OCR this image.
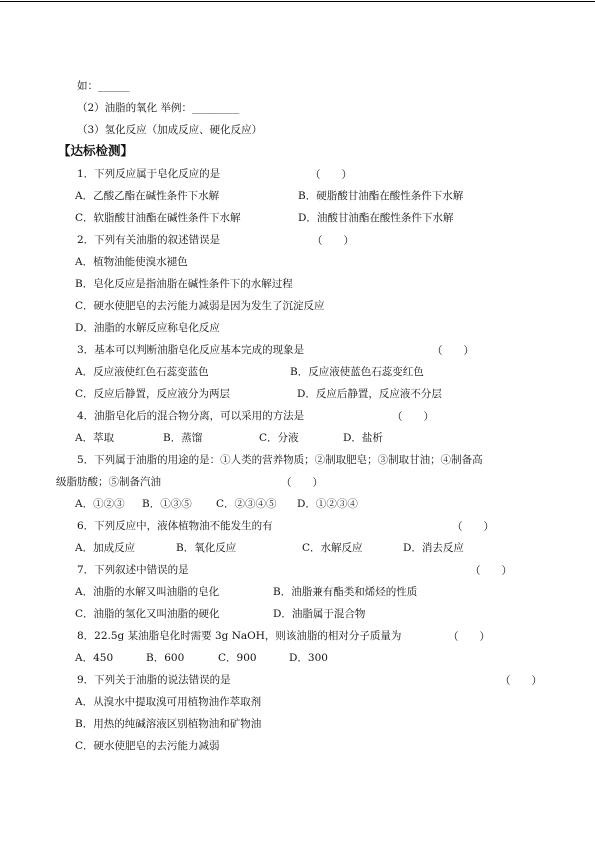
如：______
（2）油脂的氧化 举例：_________
（3）氢化反应（加成反应、硬化反应）
【达标检测】
1．下列反应属于皂化反应的是	（　　）
A．乙酸乙酯在碱性条件下水解	B．硬脂酸甘油酯在酸性条件下水解
C．软脂酸甘油酯在碱性条件下水解	D．油酸甘油酯在酸性条件下水解
2．下列有关油脂的叙述错误是	（　　）
A．植物油能使溴水褪色
B．皂化反应是指油脂在碱性条件下的水解过程
C．硬水使肥皂的去污能力减弱是因为发生了沉淀反应
D．油脂的水解反应称皂化反应
3．基本可以判断油脂皂化反应基本完成的现象是	（　　）
A．反应液使红色石蕊变蓝色	B．反应液使蓝色石蕊变红色
C．反应后静置，反应液分为两层	D．反应后静置，反应液不分层
4．油脂皂化后的混合物分离，可以采用的方法是	（　　）
A．萃取	B．蒸馏	C．分液	D．盐析
5．下列属于油脂的用途的是：①人类的营养物质；②制取肥皂；③制取甘油；④制备高
级脂肪酸；⑤制备汽油	（　　）
A．①②③ B．①③⑤ C．②③④⑤ D．①②③④
6．下列反应中，液体植物油不能发生的有	（　　）
A．加成反应	B．氧化反应	C．水解反应	D．消去反应
7．下列叙述中错误的是	（　　）
A．油脂的水解又叫油脂的皂化	B．油脂兼有酯类和烯烃的性质
C．油脂的氢化又叫油脂的硬化	D．油脂属于混合物
8．22.5g 某油脂皂化时需要 3g NaOH，则该油脂的相对分子质量为	（　　）
A．450	B．600	C．900	D．300
9．下列关于油脂的说法错误的是	（　　）
A．从溴水中提取溴可用植物油作萃取剂
B．用热的纯碱溶液区别植物油和矿物油
C．硬水使肥皂的去污能力减弱
